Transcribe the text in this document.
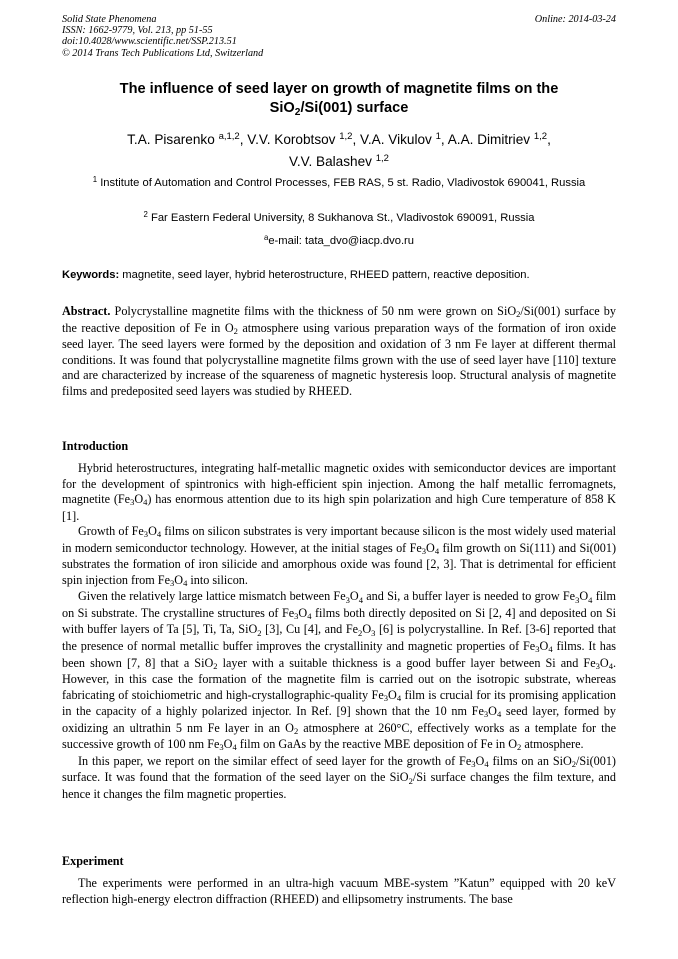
Solid State Phenomena
ISSN: 1662-9779, Vol. 213, pp 51-55
doi:10.4028/www.scientific.net/SSP.213.51
© 2014 Trans Tech Publications Ltd, Switzerland
Online: 2014-03-24
The influence of seed layer on growth of magnetite films on the
SiO$_2$/Si(001) surface
T.A. Pisarenko $^{a,1,2}$, V.V. Korobtsov $^{1,2}$, V.A. Vikulov $^1$, A.A. Dimitriev $^{1,2}$,
V.V. Balashev $^{1,2}$
$^1$ Institute of Automation and Control Processes, FEB RAS, 5 st. Radio, Vladivostok 690041, Russia
$^2$ Far Eastern Federal University, 8 Sukhanova St., Vladivostok 690091, Russia
$^a$e-mail: tata_dvo@iacp.dvo.ru
Keywords: magnetite, seed layer, hybrid heterostructure, RHEED pattern, reactive deposition.

Abstract. Polycrystalline magnetite films with the thickness of 50 nm were grown on SiO$_2$/Si(001) surface by the reactive deposition of Fe in $O_2$ atmosphere using various preparation ways of the formation of iron oxide seed layer. The seed layers were formed by the deposition and oxidation of 3 nm Fe layer at different thermal conditions. It was found that polycrystalline magnetite films grown with the use of seed layer have [110] texture and are characterized by increase of the squareness of magnetic hysteresis loop. Structural analysis of magnetite films and predeposited seed layers was studied by RHEED.

Introduction

Hybrid heterostructures, integrating half-metallic magnetic oxides with semiconductor devices are important for the development of spintronics with high-efficient spin injection. Among the half metallic ferromagnets, magnetite $(Fe_3O_4)$ has enormous attention due to its high spin polarization and high Cure temperature of 858 K [1].

Growth of $Fe_3O_4$ films on silicon substrates is very important because silicon is the most widely used material in modern semiconductor technology. However, at the initial stages of $Fe_3O_4$ film growth on Si(111) and Si(001) substrates the formation of iron silicide and amorphous oxide was found [2, 3]. That is detrimental for efficient spin injection from $Fe_3O_4$ into silicon.

Given the relatively large lattice mismatch between $Fe_3O_4$ and Si, a buffer layer is needed to grow $Fe_3O_4$ film on Si substrate. The crystalline structures of $Fe_3O_4$ films both directly deposited on Si [2, 4] and deposited on Si with buffer layers of Ta [5], Ti, Ta, SiO$_2$ [3], Cu [4], and $Fe_2O_3$ [6] is polycrystalline. In Ref. [3-6] reported that the presence of normal metallic buffer improves the crystallinity and magnetic properties of $Fe_3O_4$ films. It has been shown [7, 8] that a SiO$_2$ layer with a suitable thickness is a good buffer layer between Si and $Fe_3O_4$. However, in this case the formation of the magnetite film is carried out on the isotropic substrate, whereas fabricating of stoichiometric and high-crystallographic-quality $Fe_3O_4$ film is crucial for its promising application in the capacity of a highly polarized injector. In Ref. [9] shown that the 10 nm $Fe_3O_4$ seed layer, formed by oxidizing an ultrathin 5 nm Fe layer in an $O_2$ atmosphere at 260°C, effectively works as a template for the successive growth of 100 nm $Fe_3O_4$ film on GaAs by the reactive MBE deposition of Fe in $O_2$ atmosphere.

In this paper, we report on the similar effect of seed layer for the growth of $Fe_3O_4$ films on an SiO$_2$/Si(001) surface. It was found that the formation of the seed layer on the SiO$_2$/Si surface changes the film texture, and hence it changes the film magnetic properties.

Experiment

The experiments were performed in an ultra-high vacuum MBE-system ”Katun” equipped with 20 keV reflection high-energy electron diffraction (RHEED) and ellipsometry instruments. The base
